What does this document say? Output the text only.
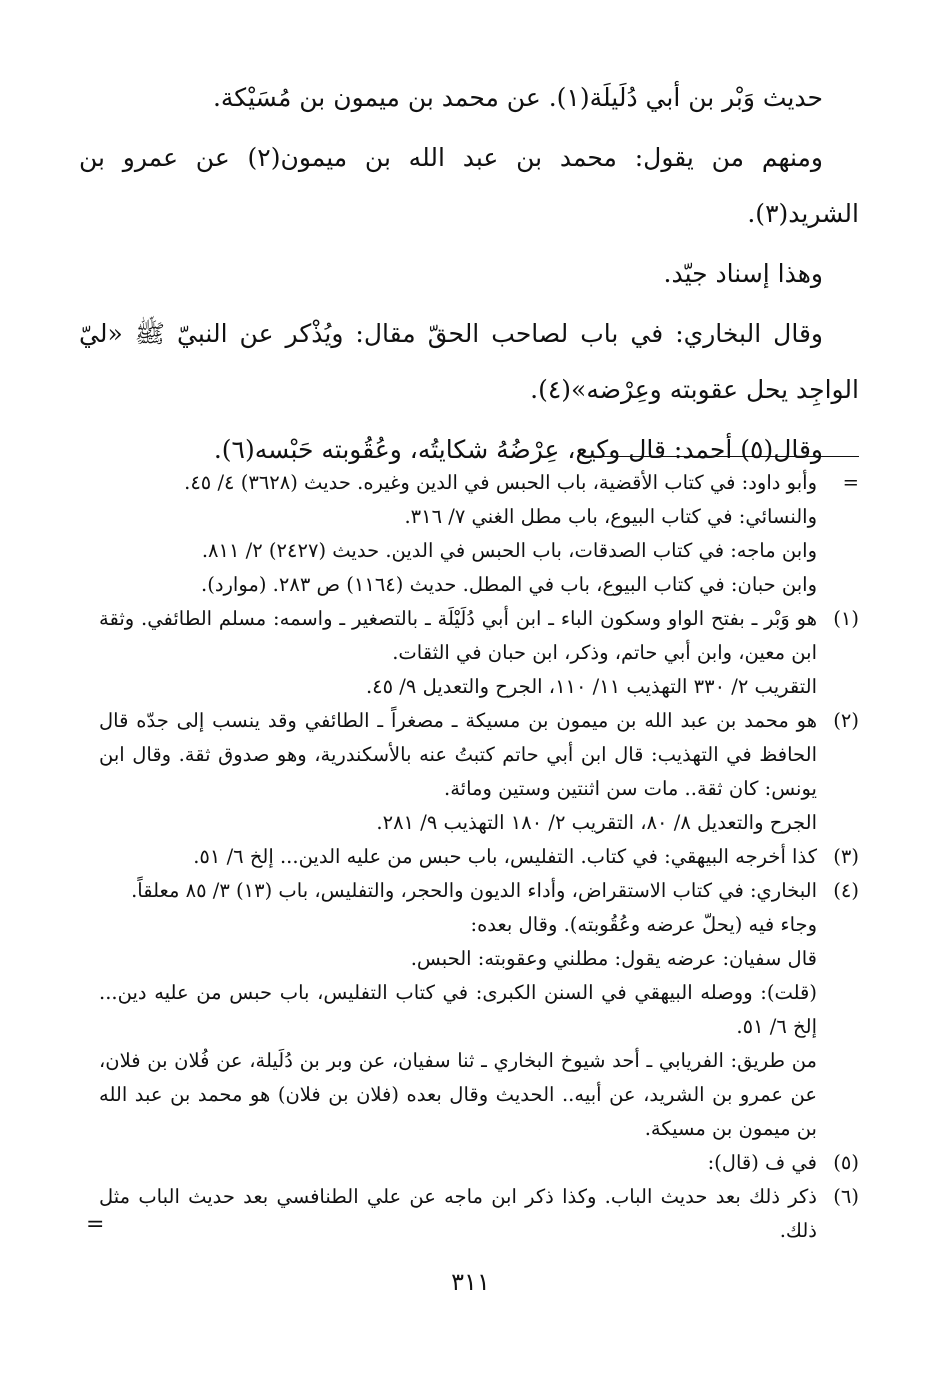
حديث وَبْر بن أبي دُلَيلَة(١). عن محمد بن ميمون بن مُسَيْكة.

ومنهم من يقول: محمد بن عبد الله بن ميمون(٢) عن عمرو بن الشريد(٣).

وهذا إسناد جيّد.

وقال البخاري: في باب لصاحب الحقّ مقال: ويُذْكر عن النبيّ ﷺ «ليّ الواجِد يحل عقوبته وعِرْضه»(٤).

وقال(٥) أحمد: قال وكيع، عِرْضُهُ شكايتُه، وعُقُوبته حَبْسه(٦).

=
وأبو داود: في كتاب الأقضية، باب الحبس في الدين وغيره. حديث (٣٦٢٨) ٤/ ٤٥.
والنسائي: في كتاب البيوع، باب مطل الغني ٧/ ٣١٦.
وابن ماجه: في كتاب الصدقات، باب الحبس في الدين. حديث (٢٤٢٧) ٢/ ٨١١.
وابن حبان: في كتاب البيوع، باب في المطل. حديث (١١٦٤) ص ٢٨٣. (موارد).
(١)
هو وَبْر ـ بفتح الواو وسكون الباء ـ ابن أبي دُلَيْلَة ـ بالتصغير ـ واسمه: مسلم الطائفي. وثقة ابن معين، وابن أبي حاتم، وذكر، ابن حبان في الثقات.
التقريب ٢/ ٣٣٠ التهذيب ١١/ ١١٠، الجرح والتعديل ٩/ ٤٥.
(٢)
هو محمد بن عبد الله بن ميمون بن مسيكة ـ مصغراً ـ الطائفي وقد ينسب إلى جدّه قال الحافظ في التهذيب: قال ابن أبي حاتم كتبتُ عنه بالأسكندرية، وهو صدوق ثقة. وقال ابن يونس: كان ثقة.. مات سن اثنتين وستين ومائة.
الجرح والتعديل ٨/ ٨٠، التقريب ٢/ ١٨٠ التهذيب ٩/ ٢٨١.
(٣)
كذا أخرجه البيهقي: في كتاب. التفليس، باب حبس من عليه الدين... إلخ ٦/ ٥١.
(٤)
البخاري: في كتاب الاستقراض، وأداء الديون والحجر، والتفليس، باب (١٣) ٣/ ٨٥ معلقاً.
وجاء فيه (يحلّ عرضه وعُقُوبته). وقال بعده:
قال سفيان: عرضه يقول: مطلني وعقوبته: الحبس.
(قلت): ووصله البيهقي في السنن الكبرى: في كتاب التفليس، باب حبس من عليه دين... إلخ ٦/ ٥١.
من طريق: الفريابي ـ أحد شيوخ البخاري ـ ثنا سفيان، عن وبر بن دُلَيلة، عن فُلان بن فلان، عن عمرو بن الشريد، عن أبيه.. الحديث وقال بعده (فلان بن فلان) هو محمد بن عبد الله بن ميمون بن مسيكة.
(٥)
في ف (قال):
(٦)
ذكر ذلك بعد حديث الباب. وكذا ذكر ابن ماجه عن علي الطنافسي بعد حديث الباب مثل ذلك.
=
٣١١
